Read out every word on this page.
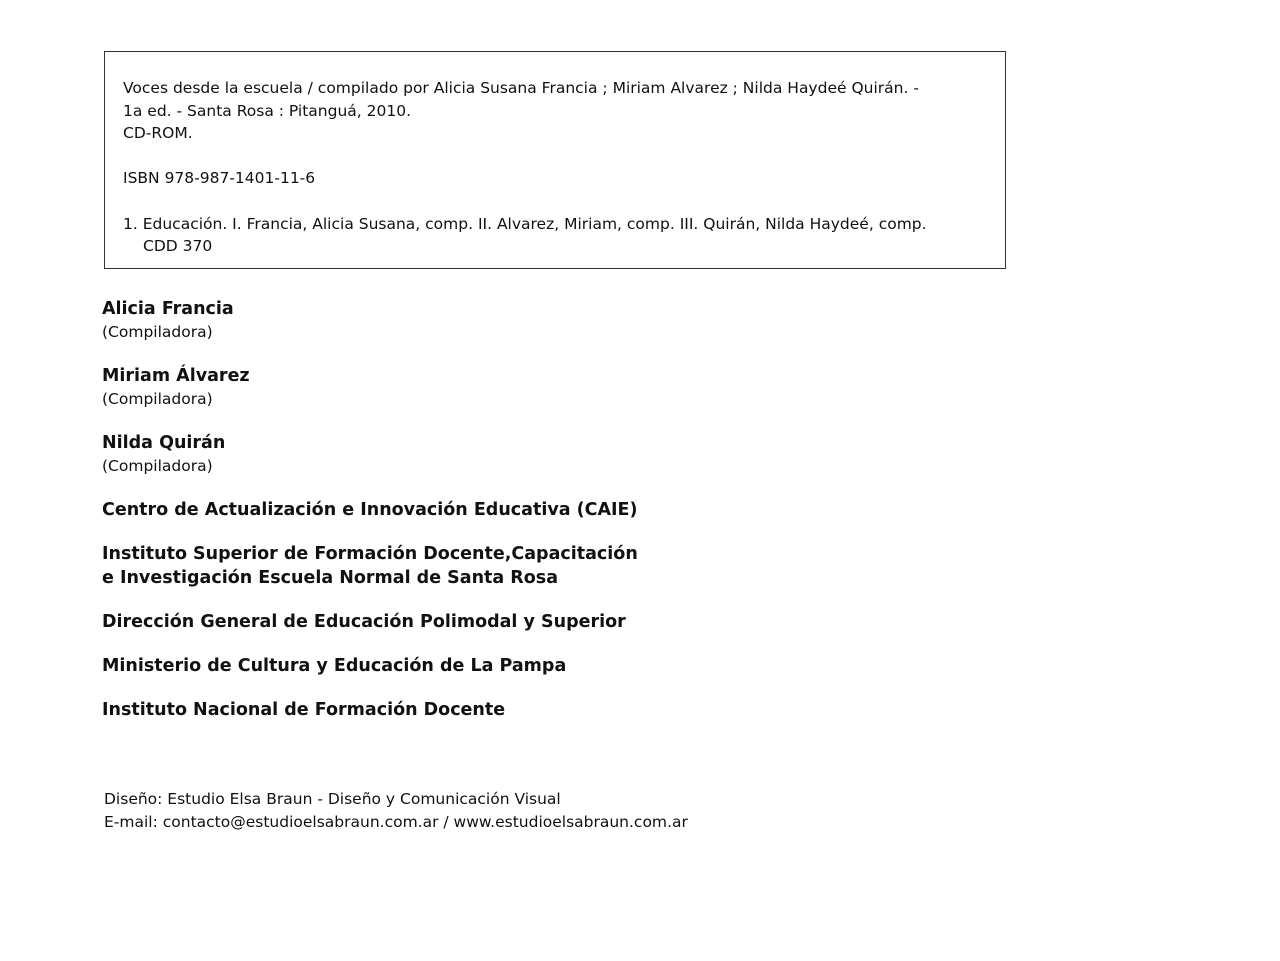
Voces desde la escuela / compilado por Alicia Susana Francia ; Miriam Alvarez ; Nilda Haydeé Quirán. -
1a ed. - Santa Rosa : Pitanguá, 2010.
CD-ROM.
ISBN 978-987-1401-11-6
1. Educación. I. Francia, Alicia Susana, comp. II. Alvarez, Miriam, comp. III. Quirán, Nilda Haydeé, comp.
CDD 370
Alicia Francia
(Compiladora)
Miriam Álvarez
(Compiladora)
Nilda Quirán
(Compiladora)
Centro de Actualización e Innovación Educativa (CAIE)
Instituto Superior de Formación Docente,Capacitación
e Investigación Escuela Normal de Santa Rosa
Dirección General de Educación Polimodal y Superior
Ministerio de Cultura y Educación de La Pampa
Instituto Nacional de Formación Docente
Diseño: Estudio Elsa Braun - Diseño y Comunicación Visual
E-mail: contacto@estudioelsabraun.com.ar / www.estudioelsabraun.com.ar
